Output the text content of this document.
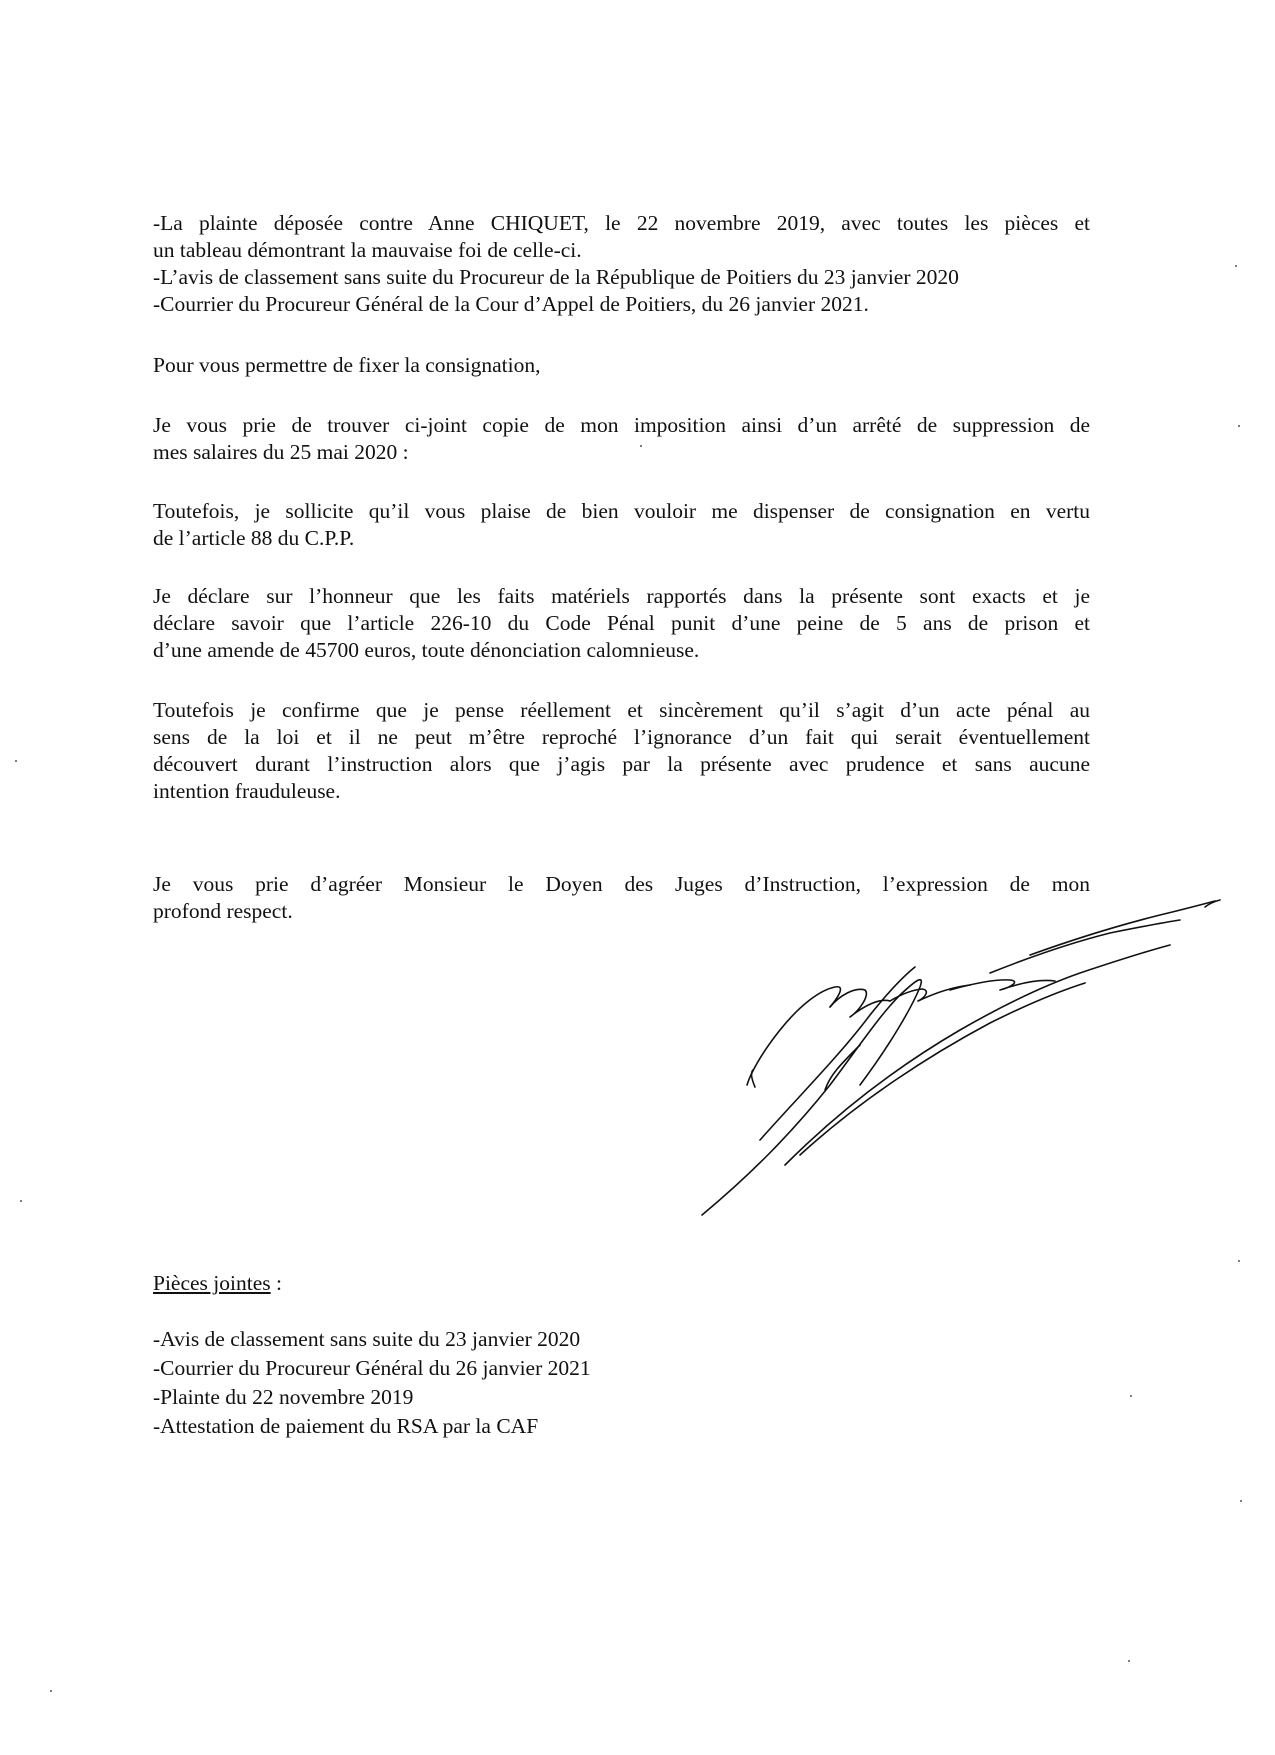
-La plainte déposée contre Anne CHIQUET, le 22 novembre 2019, avec toutes les pièces et
un tableau démontrant la mauvaise foi de celle-ci.
-L’avis de classement sans suite du Procureur de la République de Poitiers du 23 janvier 2020
-Courrier du Procureur Général de la Cour d’Appel de Poitiers, du 26 janvier 2021.
Pour vous permettre de fixer la consignation,
Je vous prie de trouver ci-joint copie de mon imposition ainsi d’un arrêté de suppression de
mes salaires du 25 mai 2020 :
Toutefois, je sollicite qu’il vous plaise de bien vouloir me dispenser de consignation en vertu
de l’article 88 du C.P.P.
Je déclare sur l’honneur que les faits matériels rapportés dans la présente sont exacts et je
déclare savoir que l’article 226-10 du Code Pénal punit d’une peine de 5 ans de prison et
d’une amende de 45700 euros, toute dénonciation calomnieuse.
Toutefois je confirme que je pense réellement et sincèrement qu’il s’agit d’un acte pénal au
sens de la loi et il ne peut m’être reproché l’ignorance d’un fait qui serait éventuellement
découvert durant l’instruction alors que j’agis par la présente avec prudence et sans aucune
intention frauduleuse.
Je vous prie d’agréer Monsieur le Doyen des Juges d’Instruction, l’expression de mon
profond respect.
Pièces jointes :
-Avis de classement sans suite du 23 janvier 2020
-Courrier du Procureur Général du 26 janvier 2021
-Plainte du 22 novembre 2019
-Attestation de paiement du RSA par la CAF
